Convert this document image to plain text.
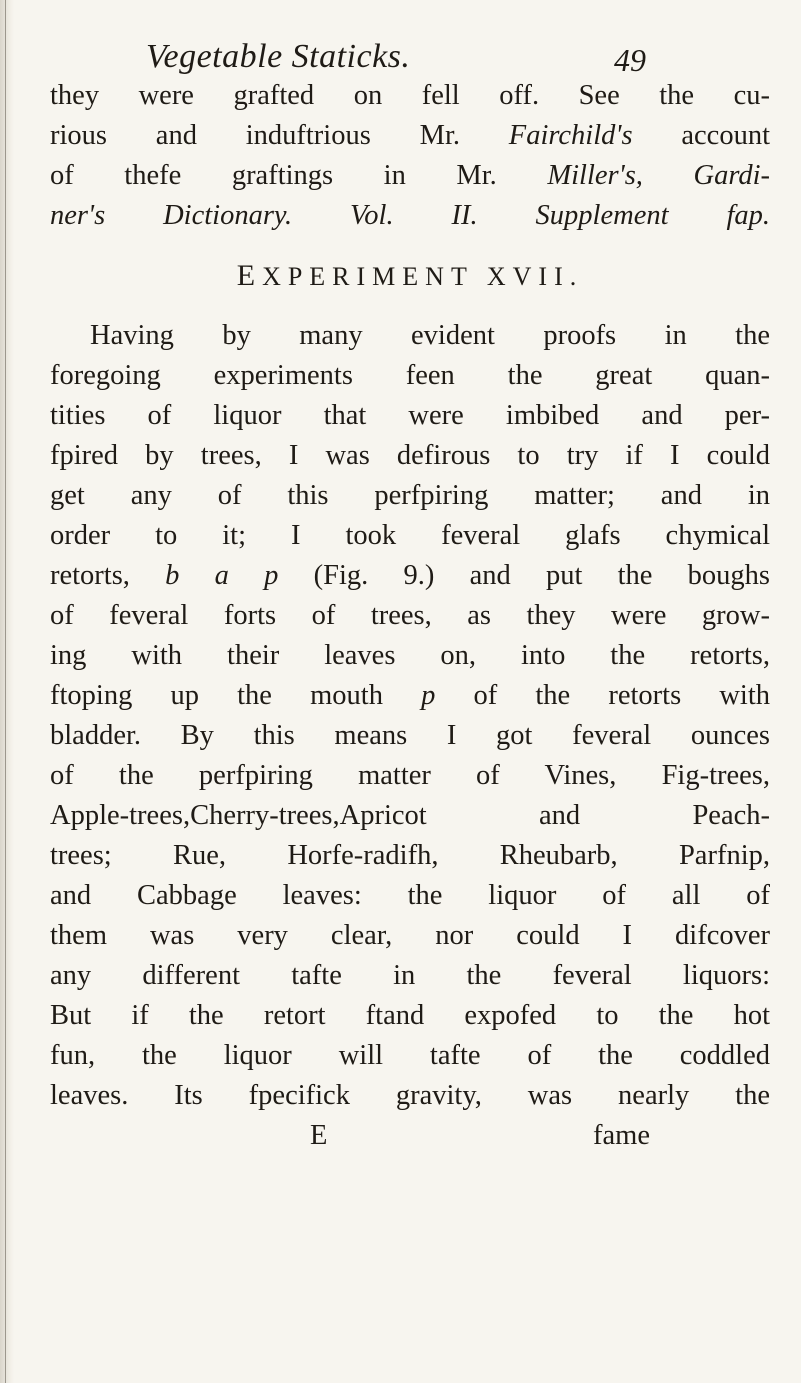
Vegetable Staticks.	49
they were grafted on fell off. See the cu-
rious and induftrious Mr. Fairchild's account
of thefe graftings in Mr. Miller's, Gardi-
ner's Dictionary. Vol. II. Supplement fap.
EXPERIMENT XVII.
Having by many evident proofs in the
foregoing experiments feen the great quan-
tities of liquor that were imbibed and per-
fpired by trees, I was defirous to try if I could
get any of this perfpiring matter; and in
order to it; I took feveral glafs chymical
retorts, b a p (Fig. 9.) and put the boughs
of feveral forts of trees, as they were grow-
ing with their leaves on, into the retorts,
ftoping up the mouth p of the retorts with
bladder. By this means I got feveral ounces
of the perfpiring matter of Vines, Fig-trees,
Apple-trees,Cherry-trees,Apricot and Peach-
trees; Rue, Horfe-radifh, Rheubarb, Parfnip,
and Cabbage leaves: the liquor of all of
them was very clear, nor could I difcover
any different tafte in the feveral liquors:
But if the retort ftand expofed to the hot
fun, the liquor will tafte of the coddled
leaves. Its fpecifick gravity, was nearly the
E	fame
